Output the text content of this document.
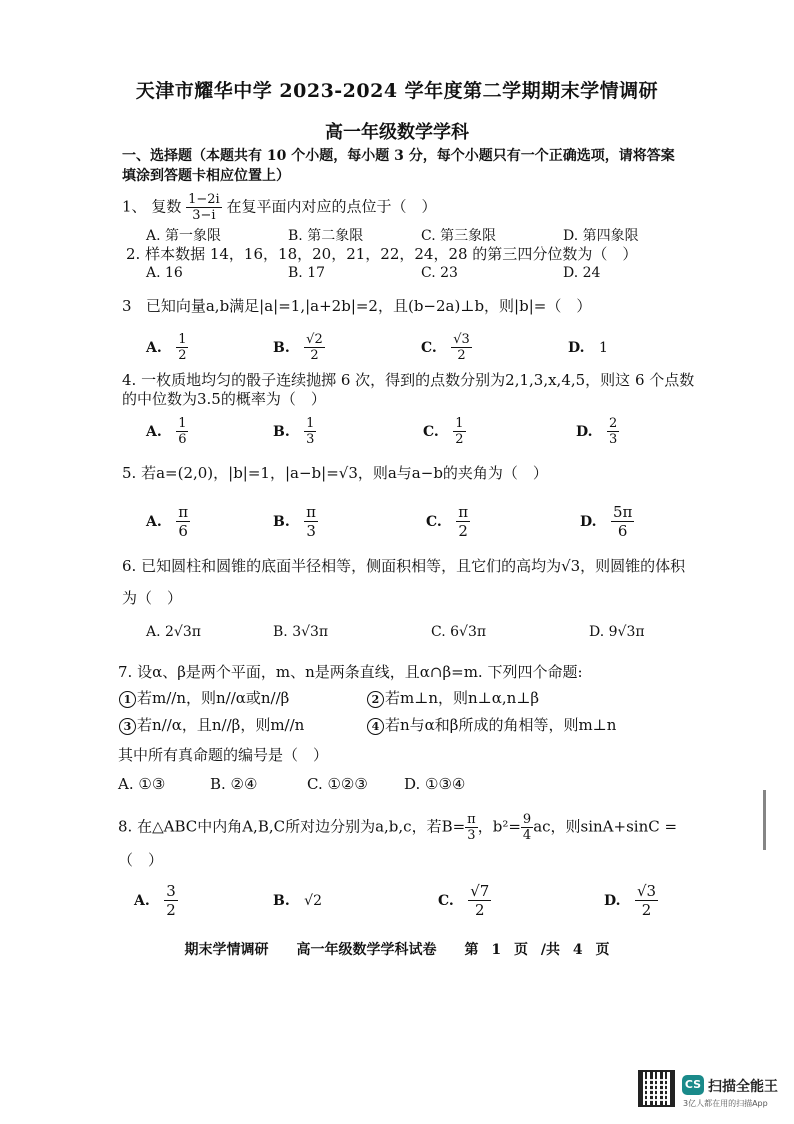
天津市耀华中学 2023-2024 学年度第二学期期末学情调研
高一年级数学学科
一、选择题（本题共有 10 个小题，每小题 3 分，每个小题只有一个正确选项，请将答案填涂到答题卡相应位置上）
1、 复数 $\frac{1-2i}{3-i}$ 在复平面内对应的点位于（　）
A. 第一象限	B. 第二象限	C. 第三象限	D. 第四象限
2. 样本数据 14，16，18，20，21，22，24，28 的第三四分位数为（　）
A. 16	B. 17	C. 23	D. 24
3 已知向量a,b满足|a|=1,|a+2b|=2，且(b−2a)⊥b，则|b|=（　）
A. $\frac{1}{2}$	B. $\frac{√2}{2}$	C. $\frac{√3}{2}$	D. 1
4. 一枚质地均匀的骰子连续抛掷 6 次，得到的点数分别为2,1,3,x,4,5，则这 6 个点数
的中位数为3.5的概率为（　）
A. $\frac{1}{6}$	B. $\frac{1}{3}$	C. $\frac{1}{2}$	D. $\frac{2}{3}$
5. 若a=(2,0)，|b|=1，|a−b|=√3，则a与a−b的夹角为（　）
A. $\frac{\pi}{6}$	B. $\frac{\pi}{3}$	C. $\frac{\pi}{2}$	D. $\frac{5\pi}{6}$
6. 已知圆柱和圆锥的底面半径相等，侧面积相等，且它们的高均为√3，则圆锥的体积
为（　）
A. 2√3π	B. 3√3π	C. 6√3π	D. 9√3π
7. 设α、β是两个平面，m、n是两条直线，且α∩β=m. 下列四个命题:
1 若m//n，则n//α或n//β	2 若m⊥n，则n⊥α,n⊥β
3 若n//α，且n//β，则m//n	4 若n与α和β所成的角相等，则m⊥n
其中所有真命题的编号是（　）
A. ①③	B. ②④	C. ①②③ D. ①③④
8. 在△ABC中内角A,B,C所对边分别为a,b,c，若$B= \frac{\pi}{3}$ ，$b^2= \frac{9}{4}$ ac，则sinA+sinC =
（　）
A. $\frac{3}{2}$	B. √2	C. $\frac{√7}{2}$	D. $\frac{√3}{2}$
期末学情调研　　高一年级数学学科试卷　　第 1 页 /共 4 页
CS 扫描全能王
3亿人都在用的扫描App
